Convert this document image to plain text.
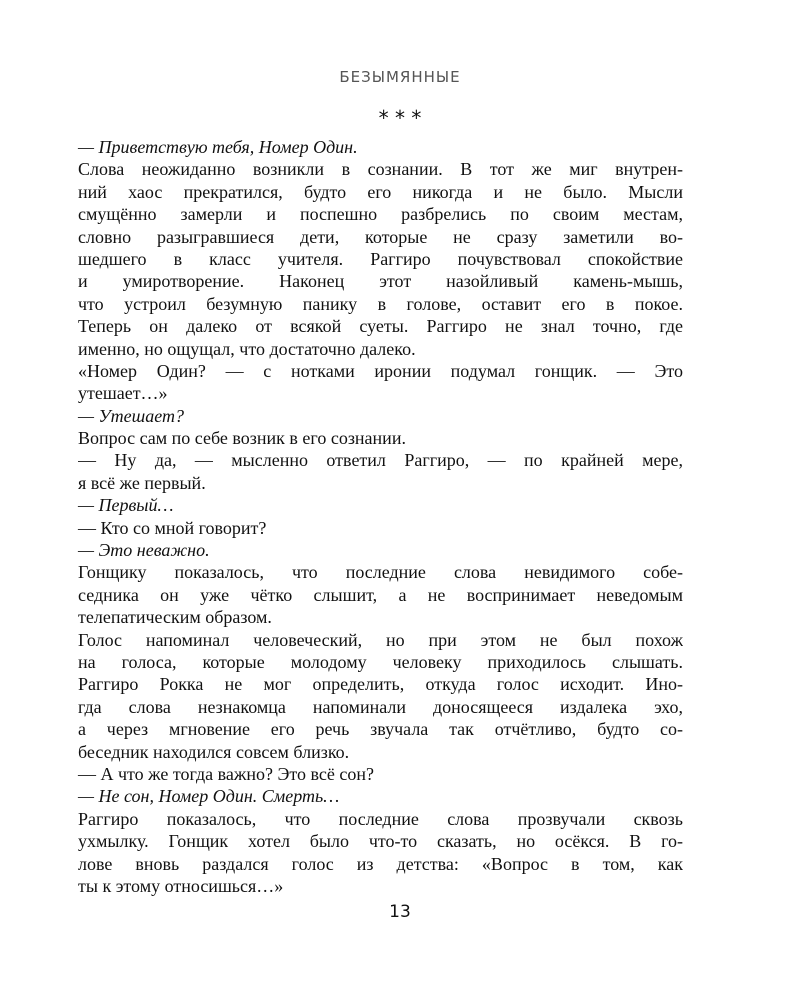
БЕЗЫМЯННЫЕ
* * *
— Приветствую тебя, Номер Один.
Слова неожиданно возникли в сознании. В тот же миг внутрен-
ний хаос прекратился, будто его никогда и не было. Мысли
смущённо замерли и поспешно разбрелись по своим местам,
словно разыгравшиеся дети, которые не сразу заметили во-
шедшего в класс учителя. Раггиро почувствовал спокойствие
и умиротворение. Наконец этот назойливый камень-мышь,
что устроил безумную панику в голове, оставит его в покое.
Теперь он далеко от всякой суеты. Раггиро не знал точно, где
именно, но ощущал, что достаточно далеко.
«Номер Один? — с нотками иронии подумал гонщик. — Это
утешает…»
— Утешает?
Вопрос сам по себе возник в его сознании.
— Ну да, — мысленно ответил Раггиро, — по крайней мере,
я всё же первый.
— Первый…
— Кто со мной говорит?
— Это неважно.
Гонщику показалось, что последние слова невидимого собе-
седника он уже чётко слышит, а не воспринимает неведомым
телепатическим образом.
Голос напоминал человеческий, но при этом не был похож
на голоса, которые молодому человеку приходилось слышать.
Раггиро Рокка не мог определить, откуда голос исходит. Ино-
гда слова незнакомца напоминали доносящееся издалека эхо,
а через мгновение его речь звучала так отчётливо, будто со-
беседник находился совсем близко.
— А что же тогда важно? Это всё сон?
— Не сон, Номер Один. Смерть…
Раггиро показалось, что последние слова прозвучали сквозь
ухмылку. Гонщик хотел было что-то сказать, но осёкся. В го-
лове вновь раздался голос из детства: «Вопрос в том, как
ты к этому относишься…»
13
